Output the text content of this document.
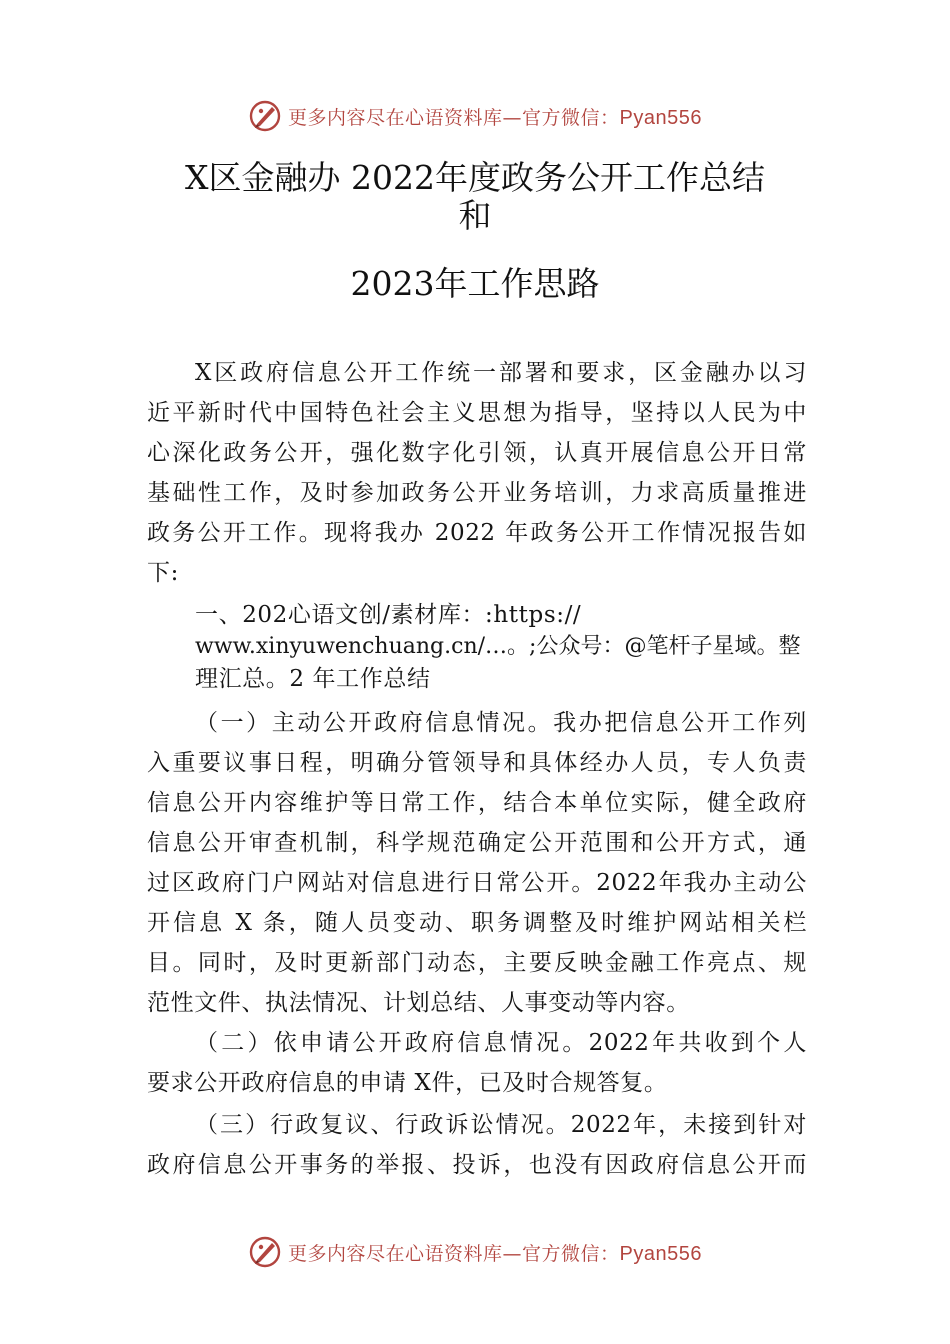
更多内容尽在心语资料库—官方微信：Pyan556
X区金融办 2022年度政务公开工作总结
和
2023年工作思路
X区政府信息公开工作统一部署和要求，区金融办以习
近平新时代中国特色社会主义思想为指导，坚持以人民为中
心深化政务公开，强化数字化引领，认真开展信息公开日常
基础性工作，及时参加政务公开业务培训，力求高质量推进
政务公开工作。现将我办 2022 年政务公开工作情况报告如
下:
一、202心语文创/素材库：:https://
www.xinyuwenchuang.cn/…。;公众号：@笔杆子星域。整
理汇总。2 年工作总结
（一）主动公开政府信息情况。我办把信息公开工作列
入重要议事日程，明确分管领导和具体经办人员，专人负责
信息公开内容维护等日常工作，结合本单位实际，健全政府
信息公开审查机制，科学规范确定公开范围和公开方式，通
过区政府门户网站对信息进行日常公开。2022年我办主动公
开信息 X 条，随人员变动、职务调整及时维护网站相关栏
目。同时，及时更新部门动态，主要反映金融工作亮点、规
范性文件、执法情况、计划总结、人事变动等内容。
（二）依申请公开政府信息情况。2022年共收到个人
要求公开政府信息的申请 X件，已及时合规答复。
（三）行政复议、行政诉讼情况。2022年，未接到针对
政府信息公开事务的举报、投诉，也没有因政府信息公开而
更多内容尽在心语资料库—官方微信：Pyan556
